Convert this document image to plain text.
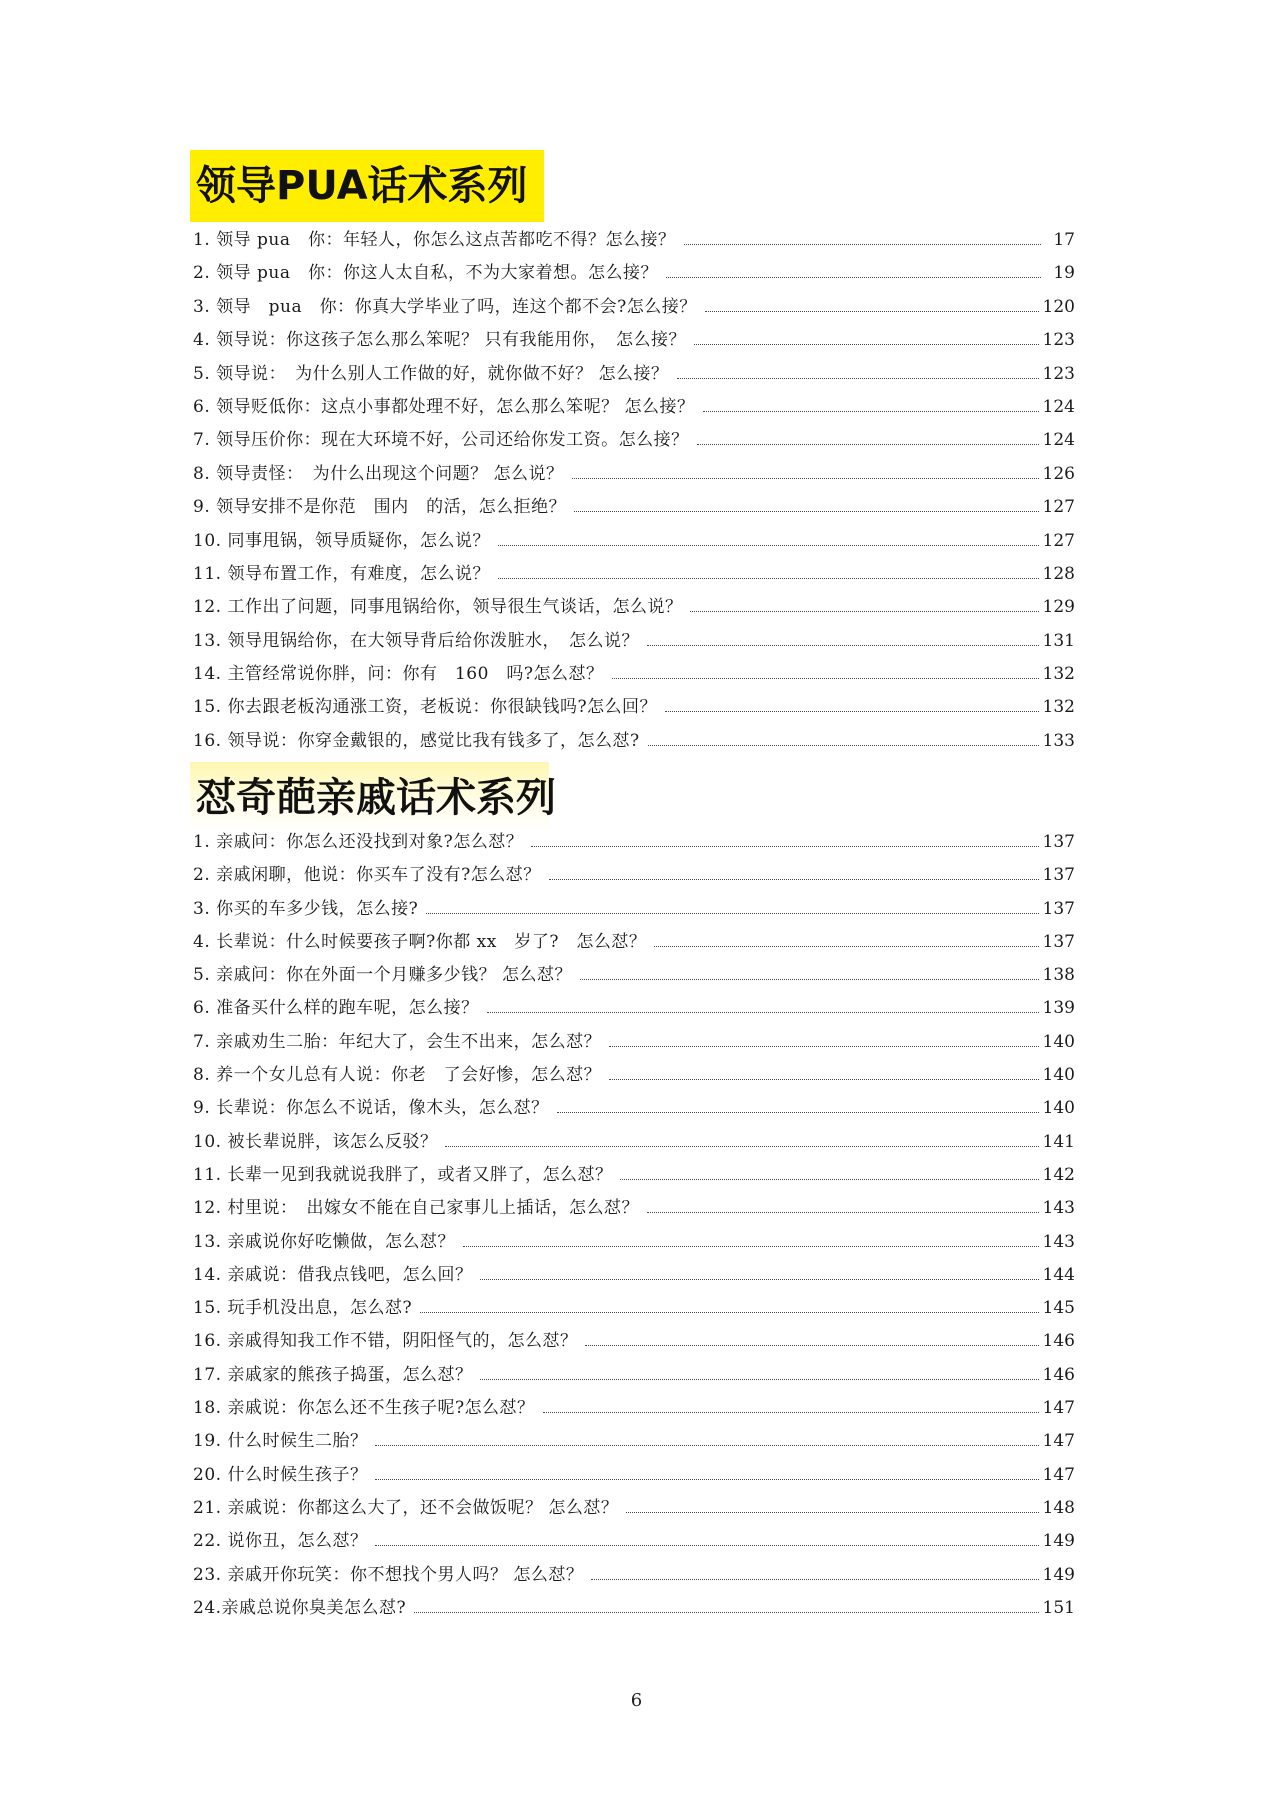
领导PUA话术系列
1. 领导 pua　你：年轻人，你怎么这点苦都吃不得？怎么接？	17
2. 领导 pua　你：你这人太自私，不为大家着想。怎么接？	19
3. 领导　pua　你：你真大学毕业了吗，连这个都不会?怎么接？	120
4. 领导说：你这孩子怎么那么笨呢？ 只有我能用你，　怎么接？	123
5. 领导说：　为什么别人工作做的好，就你做不好？ 怎么接？	123
6. 领导贬低你：这点小事都处理不好，怎么那么笨呢？ 怎么接？	124
7. 领导压价你：现在大环境不好，公司还给你发工资。怎么接？	124
8. 领导责怪：　为什么出现这个问题？ 怎么说？	126
9. 领导安排不是你范　围内　的活，怎么拒绝？	127
10. 同事甩锅，领导质疑你，怎么说？	127
11. 领导布置工作，有难度，怎么说？	128
12. 工作出了问题，同事甩锅给你，领导很生气谈话，怎么说？	129
13. 领导甩锅给你，在大领导背后给你泼脏水，　怎么说？	131
14. 主管经常说你胖，问：你有　160　吗?怎么怼？	132
15. 你去跟老板沟通涨工资，老板说：你很缺钱吗?怎么回？	132
16. 领导说：你穿金戴银的，感觉比我有钱多了，怎么怼?	133
怼奇葩亲戚话术系列
1. 亲戚问：你怎么还没找到对象?怎么怼？	137
2. 亲戚闲聊，他说：你买车了没有?怎么怼？	137
3. 你买的车多少钱，怎么接?	137
4. 长辈说：什么时候要孩子啊?你都 xx　岁了?　怎么怼？	137
5. 亲戚问：你在外面一个月赚多少钱？ 怎么怼？	138
6. 准备买什么样的跑车呢，怎么接？	139
7. 亲戚劝生二胎：年纪大了，会生不出来，怎么怼？	140
8. 养一个女儿总有人说：你老　了会好惨，怎么怼？	140
9. 长辈说：你怎么不说话，像木头，怎么怼？	140
10. 被长辈说胖，该怎么反驳？	141
11. 长辈一见到我就说我胖了，或者又胖了，怎么怼？	142
12. 村里说：　出嫁女不能在自己家事儿上插话，怎么怼？	143
13. 亲戚说你好吃懒做，怎么怼？	143
14. 亲戚说：借我点钱吧，怎么回？	144
15. 玩手机没出息，怎么怼?	145
16. 亲戚得知我工作不错，阴阳怪气的，怎么怼？	146
17. 亲戚家的熊孩子捣蛋，怎么怼？	146
18. 亲戚说：你怎么还不生孩子呢?怎么怼？	147
19. 什么时候生二胎？	147
20. 什么时候生孩子？	147
21. 亲戚说：你都这么大了，还不会做饭呢？ 怎么怼？	148
22. 说你丑，怎么怼？	149
23. 亲戚开你玩笑：你不想找个男人吗？ 怎么怼？	149
24.亲戚总说你臭美怎么怼?	151
6
